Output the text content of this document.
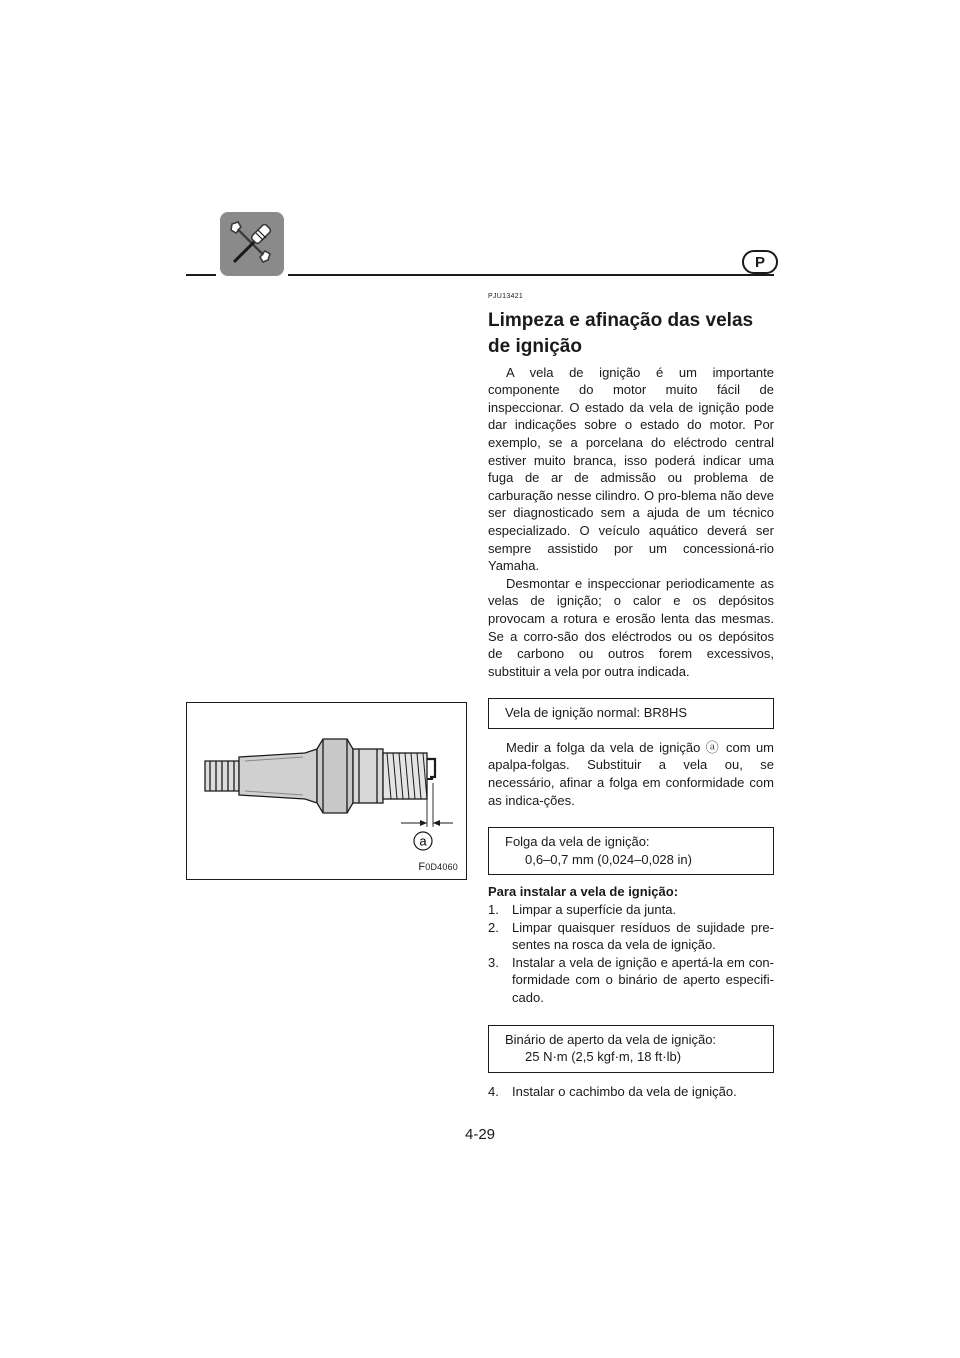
P
PJU13421
Limpeza e afinação das velas de ignição

A vela de ignição é um importante componente do motor muito fácil de inspeccionar. O estado da vela de ignição pode dar indicações sobre o estado do motor. Por exemplo, se a porcelana do eléctrodo central estiver muito branca, isso poderá indicar uma fuga de ar de admissão ou problema de carburação nesse cilindro. O pro-blema não deve ser diagnosticado sem a ajuda de um técnico especializado. O veículo aquático deverá ser sempre assistido por um concessioná-rio Yamaha.

Desmontar e inspeccionar periodicamente as velas de ignição; o calor e os depósitos provocam a rotura e erosão lenta das mesmas. Se a corro-são dos eléctrodos ou os depósitos de carbono ou outros forem excessivos, substituir a vela por outra indicada.

Vela de ignição normal: BR8HS

Medir a folga da vela de ignição ⓐ com um apalpa-folgas. Substituir a vela ou, se necessário, afinar a folga em conformidade com as indica-ções.

Folga da vela de ignição:
0,6–0,7 mm (0,024–0,028 in)

Para instalar a vela de ignição:

1.	Limpar a superfície da junta.
2.	Limpar quaisquer resíduos de sujidade pre-sentes na rosca da vela de ignição.
3.	Instalar a vela de ignição e apertá-la em con-formidade com o binário de aperto especifi-cado.
Binário de aperto da vela de ignição:
25 N·m (2,5 kgf·m, 18 ft·lb)
4.	Instalar o cachimbo da vela de ignição.
a
F0D4060
4-29
